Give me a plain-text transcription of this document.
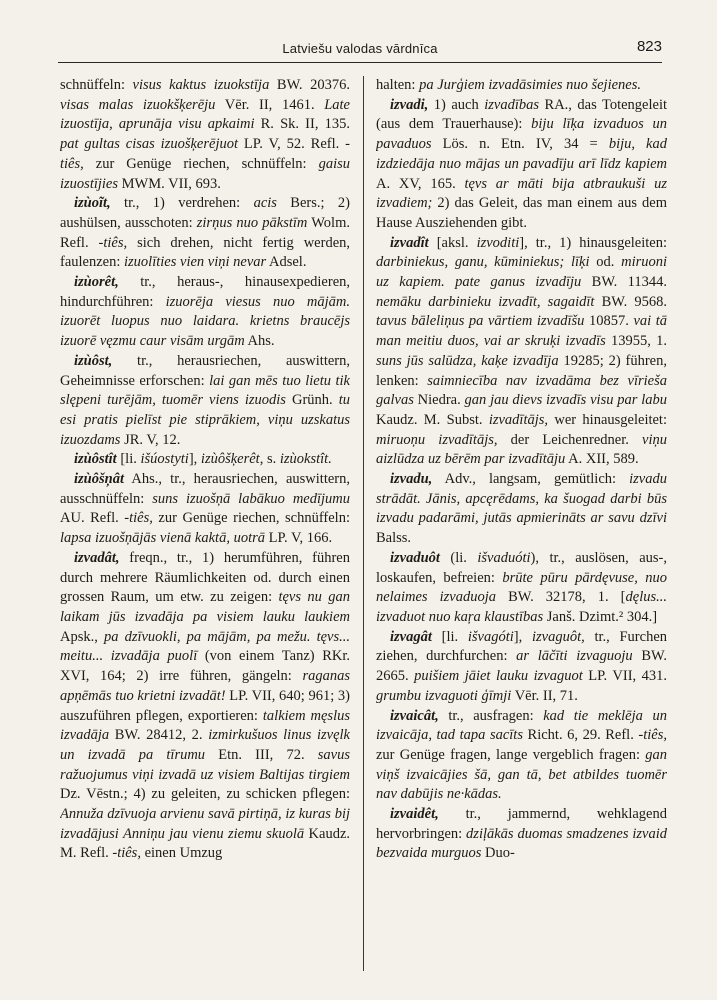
Latviešu valodas vārdnīca	823

schnüffeln: visus kaktus izuokstīja BW. 20376. visas malas izuokšķerēju Vēr. II, 1461. Late izuostīja, aprunāja visu apkaimi R. Sk. II, 135. pat gultas cisas izuošķerējuot LP. V, 52. Refl. -tiês, zur Genüge riechen, schnüffeln: gaisu izuostījies MWM. VII, 693.

izùoĩt, tr., 1) verdrehen: acis Bers.; 2) aushülsen, ausschoten: zirņus nuo pākstīm Wolm. Refl. -tiês, sich drehen, nicht fertig werden, faulenzen: izuolīties vien viņi nevar Adsel.

izùorêt, tr., heraus-, hinausexpedieren, hindurchführen: izuorēja viesus nuo mājām. izuorēt luopus nuo laidara. krietns braucējs izuorē vęzmu caur visām urgām Ahs.

izùôst, tr., herausriechen, auswittern, Geheimnisse erforschen: lai gan mēs tuo lietu tik slępeni turējām, tuomēr viens izuodis Grünh. tu esi pratis pielīst pie stiprākiem, viņu uzskatus izuozdams JR. V, 12.

izùôstît [li. išúostyti], izùôšķerêt, s. izùokstît.

izùôšņât Ahs., tr., herausriechen, auswittern, ausschnüffeln: suns izuošņā labākuo medījumu AU. Refl. -tiês, zur Genüge riechen, schnüffeln: lapsa izuošņājās vienā kaktā, uotrā LP. V, 166.

izvadât, freqn., tr., 1) herumführen, führen durch mehrere Räumlichkeiten od. durch einen grossen Raum, um etw. zu zeigen: tęvs nu gan laikam jūs izvadāja pa visiem lauku laukiem Apsk., pa dzīvuokli, pa mājām, pa mežu. tęvs... meitu... izvadāja puolī (von einem Tanz) RKr. XVI, 164; 2) irre führen, gängeln: raganas apņēmās tuo krietni izvadāt! LP. VII, 640; 961; 3) auszuführen pflegen, exportieren: talkiem męslus izvadāja BW. 28412, 2. izmirkušuos linus izvęlk un izvadā pa tīrumu Etn. III, 72. savus ražuojumus viņi izvadā uz visiem Baltijas tirgiem Dz. Vēstn.; 4) zu geleiten, zu schicken pflegen: Annuža dzīvuoja arvienu savā pirtiņā, iz kuras bij izvadājusi Anniņu jau vienu ziemu skuolā Kaudz. M. Refl. -tiês, einen Umzug

halten: pa Jurģiem izvadāsimies nuo šejienes.

izvadi, 1) auch izvadības RA., das Totengeleit (aus dem Trauerhause): biju līķa izvaduos un pavaduos Lös. n. Etn. IV, 34 = biju, kad izdziedāja nuo mājas un pavadīju arī līdz kapiem A. XV, 165. tęvs ar māti bija atbraukuši uz izvadiem; 2) das Geleit, das man einem aus dem Hause Ausziehenden gibt.

izvadît [aksl. izvoditi], tr., 1) hinausgeleiten: darbiniekus, ganu, kūminiekus; līķi od. miruoni uz kapiem. pate ganus izvadīju BW. 11344. nemāku darbinieku izvadīt, sagaidīt BW. 9568. tavus bāleliņus pa vārtiem izvadīšu 10857. vai tā man meitiu duos, vai ar skruķi izvadīs 13955, 1. suns jūs salūdza, kaķe izvadīja 19285; 2) führen, lenken: saimniecība nav izvadāma bez vīrieša galvas Niedra. gan jau dievs izvadīs visu par labu Kaudz. M. Subst. izvadītājs, wer hinausgeleitet: miruoņu izvadītājs, der Leichenredner. viņu aizlūdza uz bērēm par izvadītāju A. XII, 589.

izvadu, Adv., langsam, gemütlich: izvadu strādāt. Jānis, apcęrēdams, ka šuogad darbi būs izvadu padarāmi, jutās apmierināts ar savu dzīvi Balss.

izvaduôt (li. išvaduóti), tr., auslösen, aus-, loskaufen, befreien: brūte pūru pārdęvuse, nuo nelaimes izvaduoja BW. 32178, 1. [dęlus... izvaduot nuo kaŗa klaustības Janš. Dzimt.² 304.]

izvagât [li. išvagóti], izvaguôt, tr., Furchen ziehen, durchfurchen: ar lāčīti izvaguoju BW. 2665. puišiem jāiet lauku izvaguot LP. VII, 431. grumbu izvaguoti ģīmji Vēr. II, 71.

izvaicât, tr., ausfragen: kad tie meklēja un izvaicāja, tad tapa sacīts Richt. 6, 29. Refl. -tiês, zur Genüge fragen, lange vergeblich fragen: gan viņš izvaicājies šā, gan tā, bet atbildes tuomēr nav dabūjis ne·kādas.

izvaidêt, tr., jammernd, wehklagend hervorbringen: dziļākās duomas smadzenes izvaid bezvaida murguos Duo-
